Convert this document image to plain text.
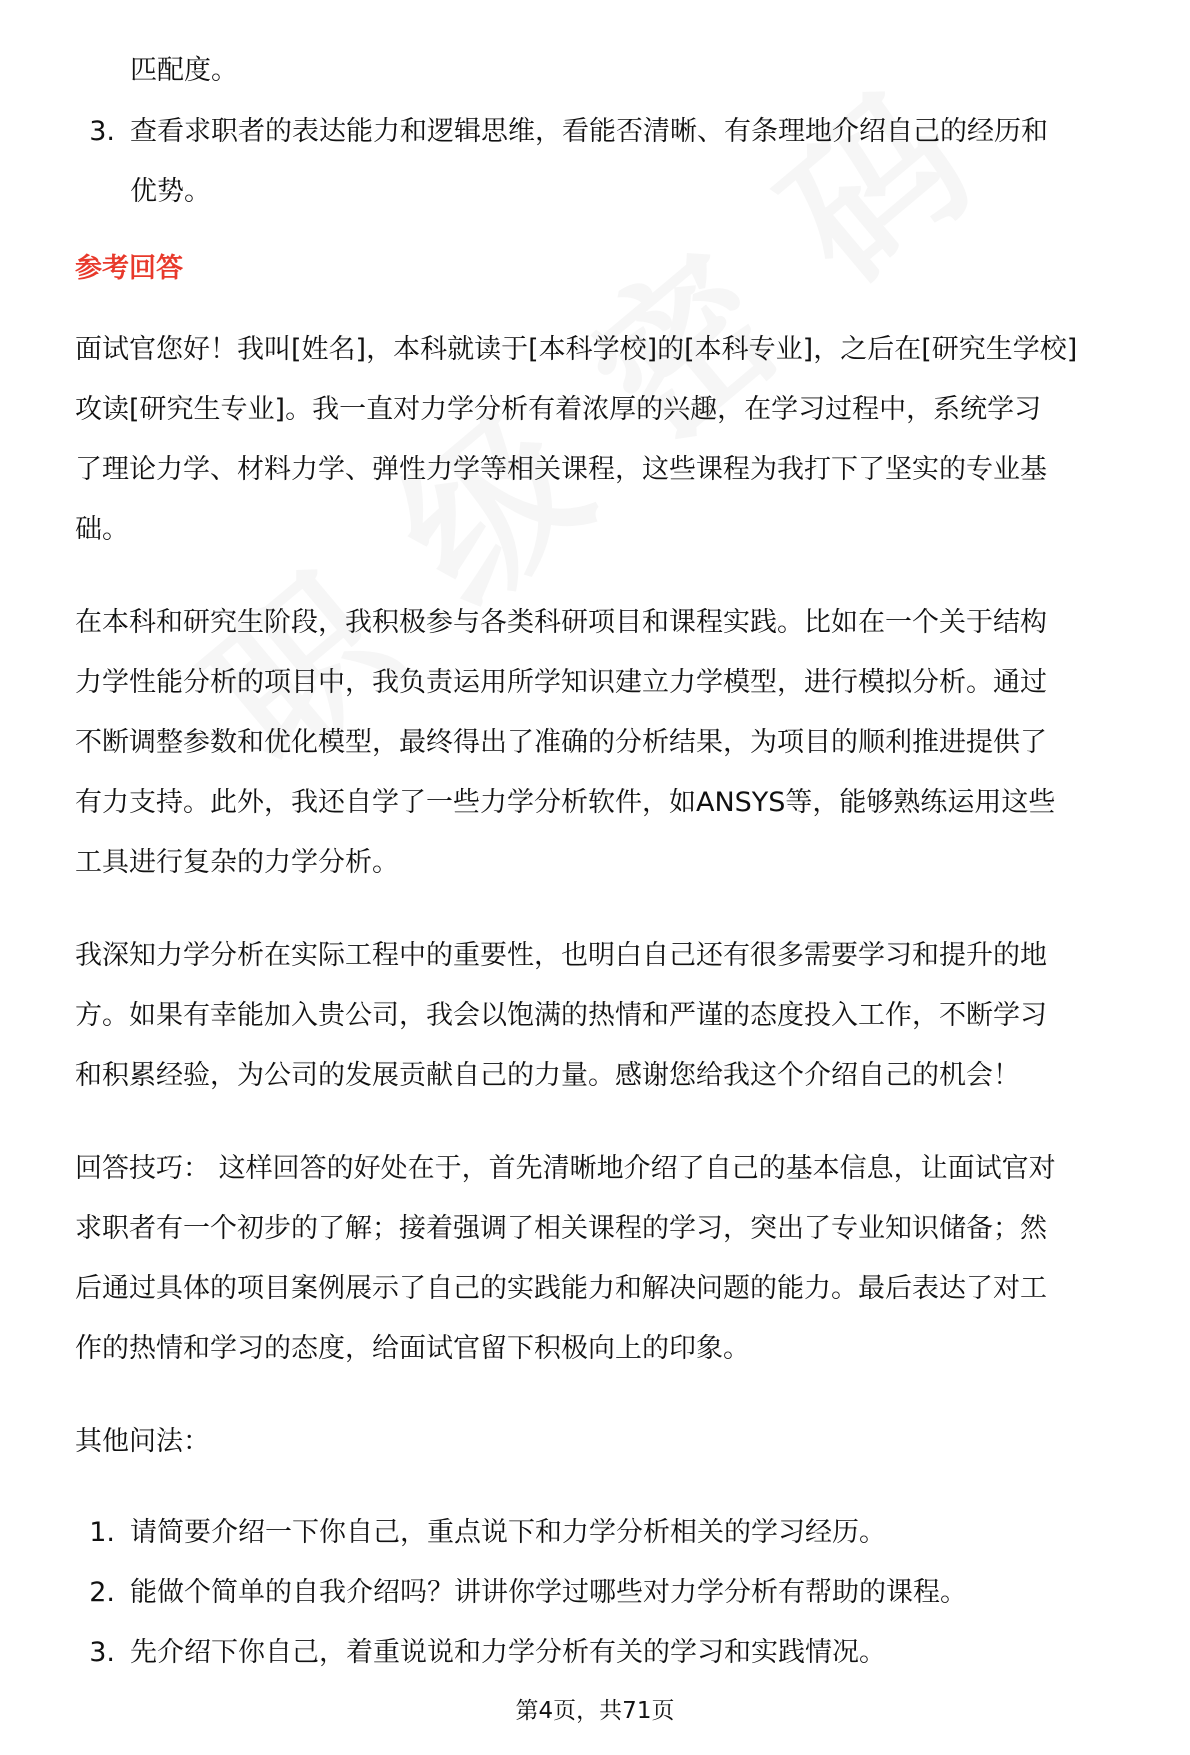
匹配度。
3. 查看求职者的表达能力和逻辑思维，看能否清晰、有条理地介绍自己的经历和
优势。
参考回答
面试官您好！我叫[姓名]，本科就读于[本科学校]的[本科专业]，之后在[研究生学校]
攻读[研究生专业]。我一直对力学分析有着浓厚的兴趣，在学习过程中，系统学习
了理论力学、材料力学、弹性力学等相关课程，这些课程为我打下了坚实的专业基
础。
在本科和研究生阶段，我积极参与各类科研项目和课程实践。比如在一个关于结构
力学性能分析的项目中，我负责运用所学知识建立力学模型，进行模拟分析。通过
不断调整参数和优化模型，最终得出了准确的分析结果，为项目的顺利推进提供了
有力支持。此外，我还自学了一些力学分析软件，如ANSYS等，能够熟练运用这些
工具进行复杂的力学分析。
我深知力学分析在实际工程中的重要性，也明白自己还有很多需要学习和提升的地
方。如果有幸能加入贵公司，我会以饱满的热情和严谨的态度投入工作，不断学习
和积累经验，为公司的发展贡献自己的力量。感谢您给我这个介绍自己的机会！
回答技巧： 这样回答的好处在于，首先清晰地介绍了自己的基本信息，让面试官对
求职者有一个初步的了解；接着强调了相关课程的学习，突出了专业知识储备；然
后通过具体的项目案例展示了自己的实践能力和解决问题的能力。最后表达了对工
作的热情和学习的态度，给面试官留下积极向上的印象。
其他问法：
1. 请简要介绍一下你自己，重点说下和力学分析相关的学习经历。
2. 能做个简单的自我介绍吗？讲讲你学过哪些对力学分析有帮助的课程。
3. 先介绍下你自己，着重说说和力学分析有关的学习和实践情况。
第4页，共71页
